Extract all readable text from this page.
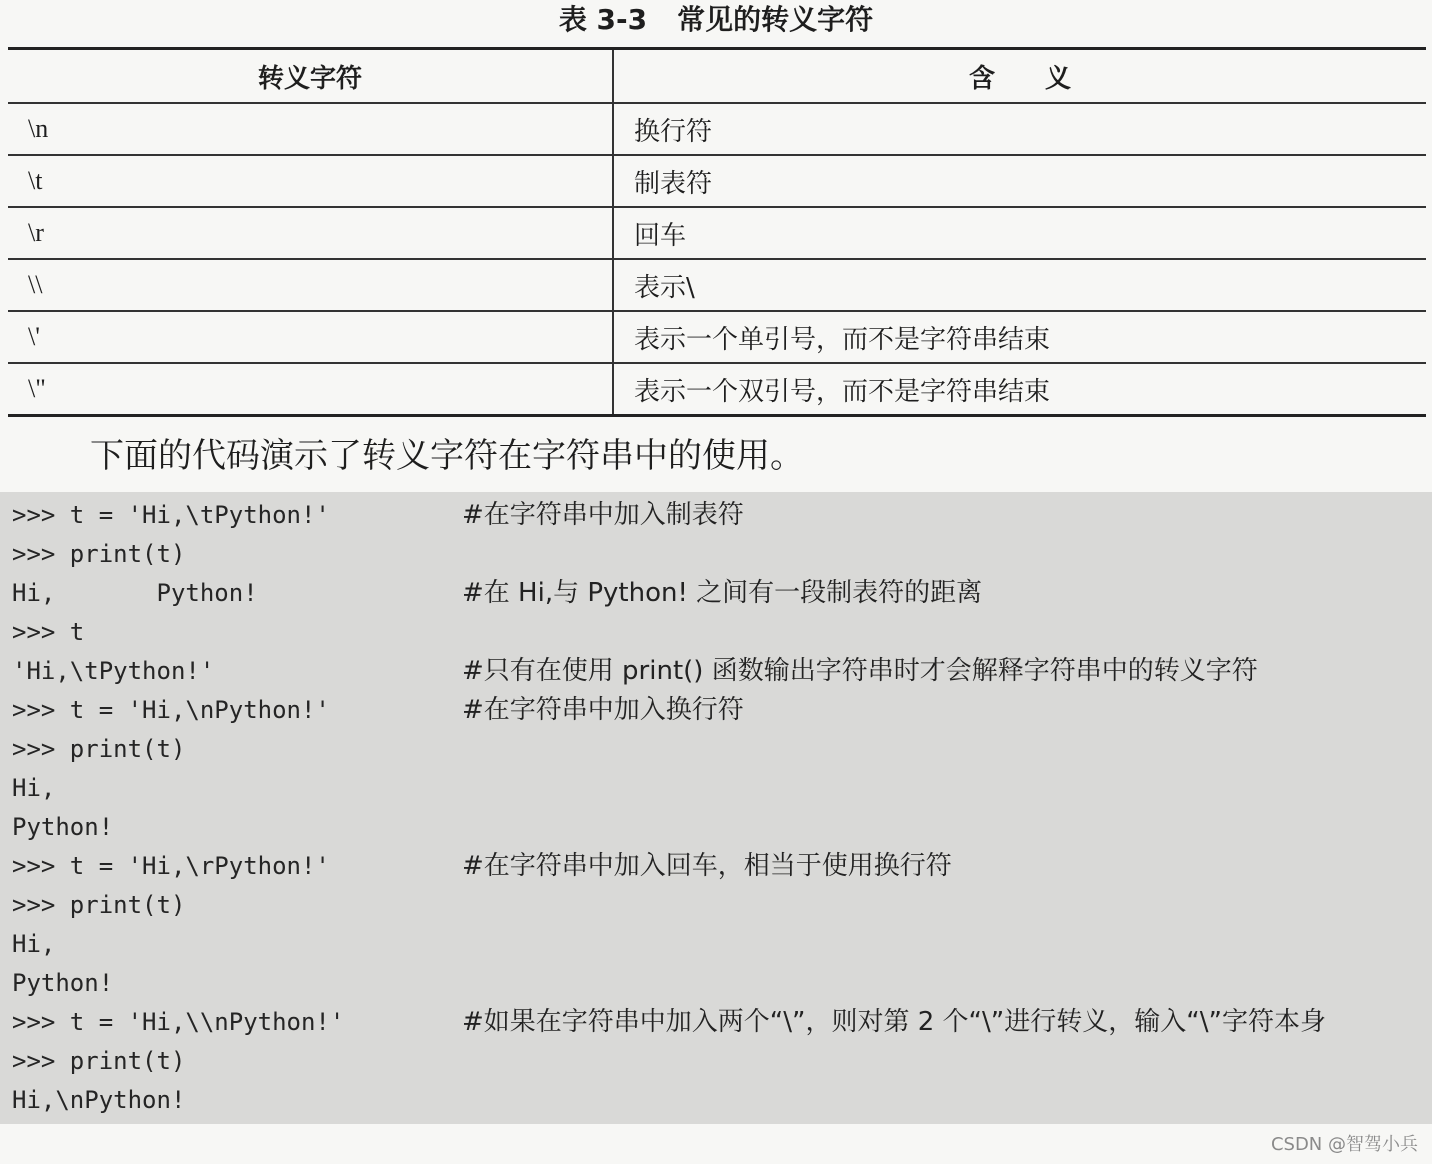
表 3-3 常见的转义字符
转义字符	含义
\n	换行符
\t	制表符
\r	回车
\\	表示\
\'	表示一个单引号，而不是字符串结束
\"	表示一个双引号，而不是字符串结束
下面的代码演示了转义字符在字符串中的使用。
>>> t = 'Hi,\tPython!'	#在字符串中加入制表符
>>> print(t)
Hi,       Python!	#在 Hi,与 Python! 之间有一段制表符的距离
>>> t
'Hi,\tPython!'	#只有在使用 print() 函数输出字符串时才会解释字符串中的转义字符
>>> t = 'Hi,\nPython!'	#在字符串中加入换行符
>>> print(t)
Hi,
Python!
>>> t = 'Hi,\rPython!'	#在字符串中加入回车，相当于使用换行符
>>> print(t)
Hi,
Python!
>>> t = 'Hi,\\nPython!'	#如果在字符串中加入两个“\”，则对第 2 个“\”进行转义，输入“\”字符本身
>>> print(t)
Hi,\nPython!
CSDN @智驾小兵
